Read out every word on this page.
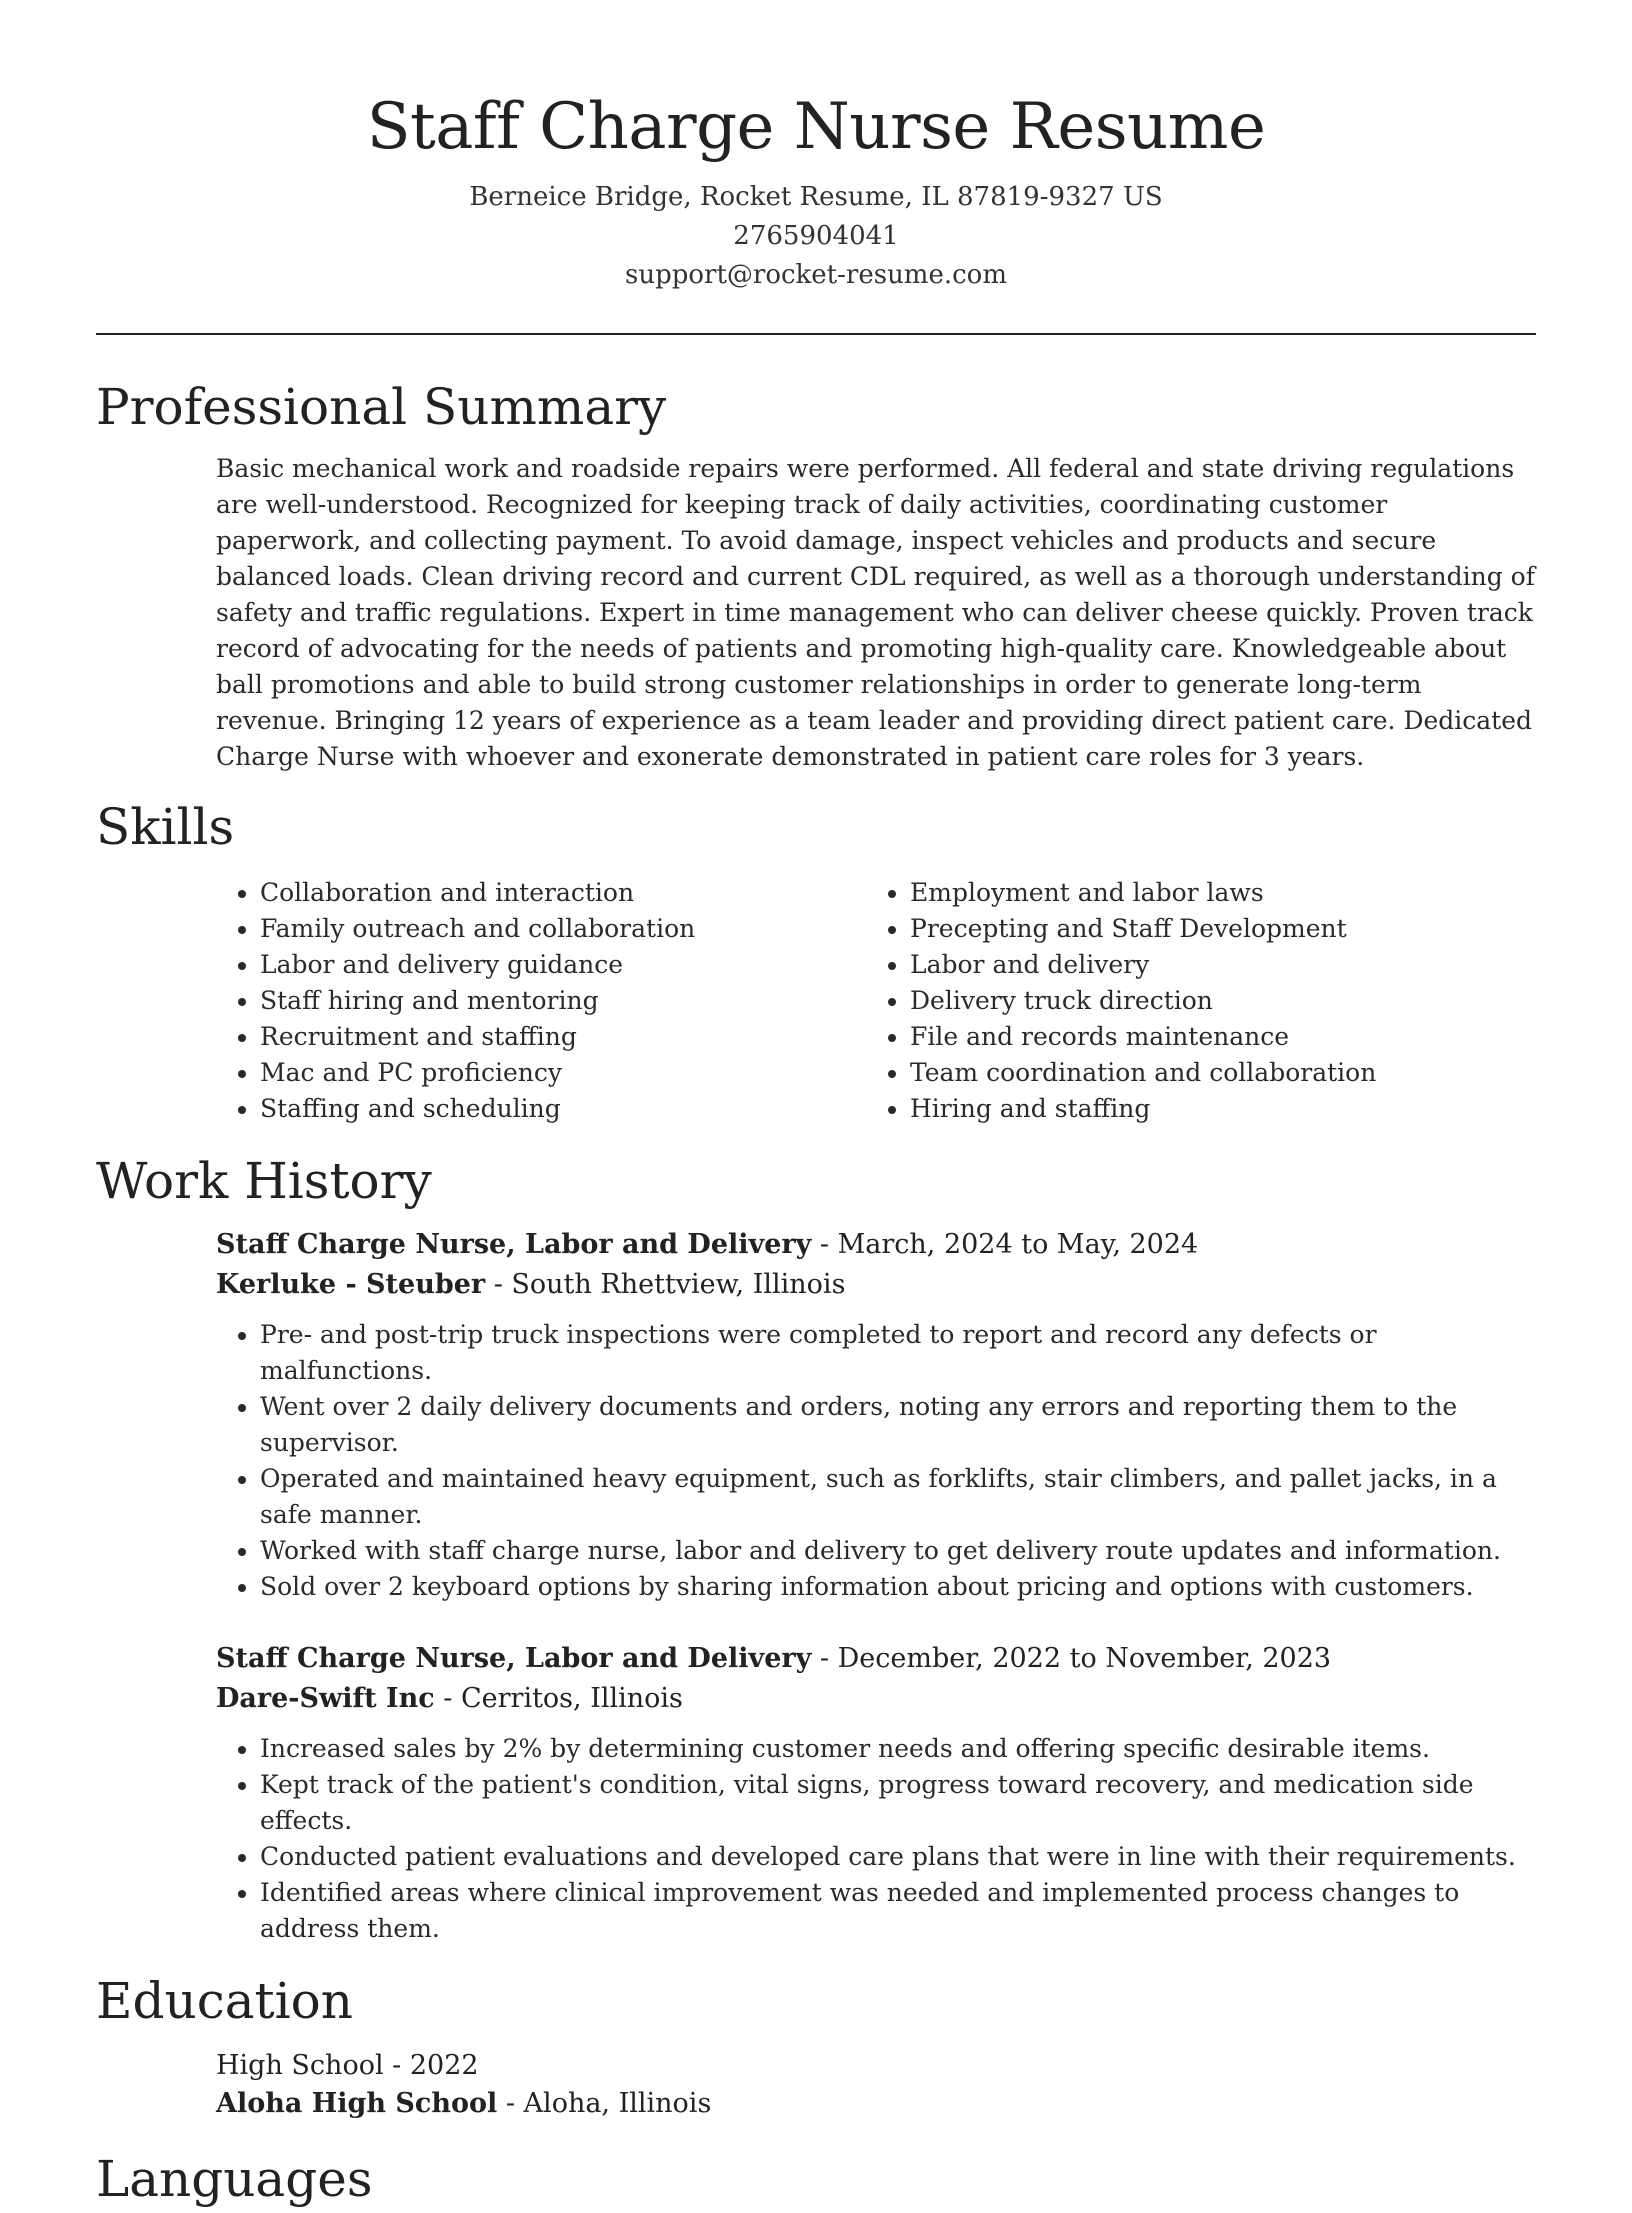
Staff Charge Nurse Resume
Berneice Bridge, Rocket Resume, IL 87819-9327 US
2765904041
support@rocket-resume.com
Professional Summary
Basic mechanical work and roadside repairs were performed. All federal and state driving regulations are well-understood. Recognized for keeping track of daily activities, coordinating customer paperwork, and collecting payment. To avoid damage, inspect vehicles and products and secure balanced loads. Clean driving record and current CDL required, as well as a thorough understanding of safety and traffic regulations. Expert in time management who can deliver cheese quickly. Proven track record of advocating for the needs of patients and promoting high-quality care. Knowledgeable about ball promotions and able to build strong customer relationships in order to generate long-term revenue. Bringing 12 years of experience as a team leader and providing direct patient care. Dedicated Charge Nurse with whoever and exonerate demonstrated in patient care roles for 3 years.
Skills
• Collaboration and interaction
• Family outreach and collaboration
• Labor and delivery guidance
• Staff hiring and mentoring
• Recruitment and staffing
• Mac and PC proficiency
• Staffing and scheduling
• Employment and labor laws
• Precepting and Staff Development
• Labor and delivery
• Delivery truck direction
• File and records maintenance
• Team coordination and collaboration
• Hiring and staffing
Work History
Staff Charge Nurse, Labor and Delivery - March, 2024 to May, 2024
Kerluke - Steuber - South Rhettview, Illinois
• Pre- and post-trip truck inspections were completed to report and record any defects or malfunctions.
• Went over 2 daily delivery documents and orders, noting any errors and reporting them to the supervisor.
• Operated and maintained heavy equipment, such as forklifts, stair climbers, and pallet jacks, in a safe manner.
• Worked with staff charge nurse, labor and delivery to get delivery route updates and information.
• Sold over 2 keyboard options by sharing information about pricing and options with customers.
Staff Charge Nurse, Labor and Delivery - December, 2022 to November, 2023
Dare-Swift Inc - Cerritos, Illinois
• Increased sales by 2% by determining customer needs and offering specific desirable items.
• Kept track of the patient's condition, vital signs, progress toward recovery, and medication side effects.
• Conducted patient evaluations and developed care plans that were in line with their requirements.
• Identified areas where clinical improvement was needed and implemented process changes to address them.
Education
High School - 2022
Aloha High School - Aloha, Illinois
Languages
